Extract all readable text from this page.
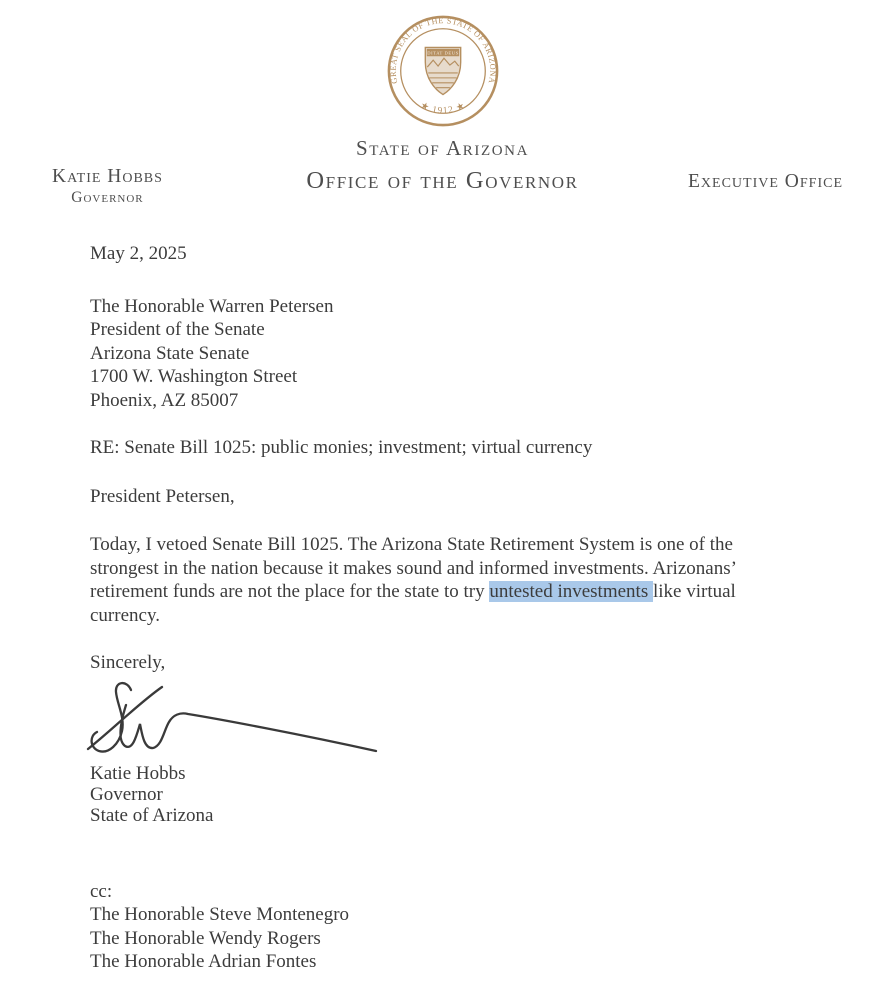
GREAT SEAL OF THE STATE OF ARIZONA
★ 1912 ★
DITAT DEUS
State of Arizona
Office of the Governor
Katie Hobbs
Governor
Executive Office
May 2, 2025
The Honorable Warren Petersen
President of the Senate
Arizona State Senate
1700 W. Washington Street
Phoenix, AZ 85007
RE: Senate Bill 1025: public monies; investment; virtual currency
President Petersen,
Today, I vetoed Senate Bill 1025. The Arizona State Retirement System is one of the strongest in the nation because it makes sound and informed investments. Arizonans’ retirement funds are not the place for the state to try untested investments like virtual currency.
Sincerely,
Katie Hobbs
Governor
State of Arizona
cc:
The Honorable Steve Montenegro
The Honorable Wendy Rogers
The Honorable Adrian Fontes
